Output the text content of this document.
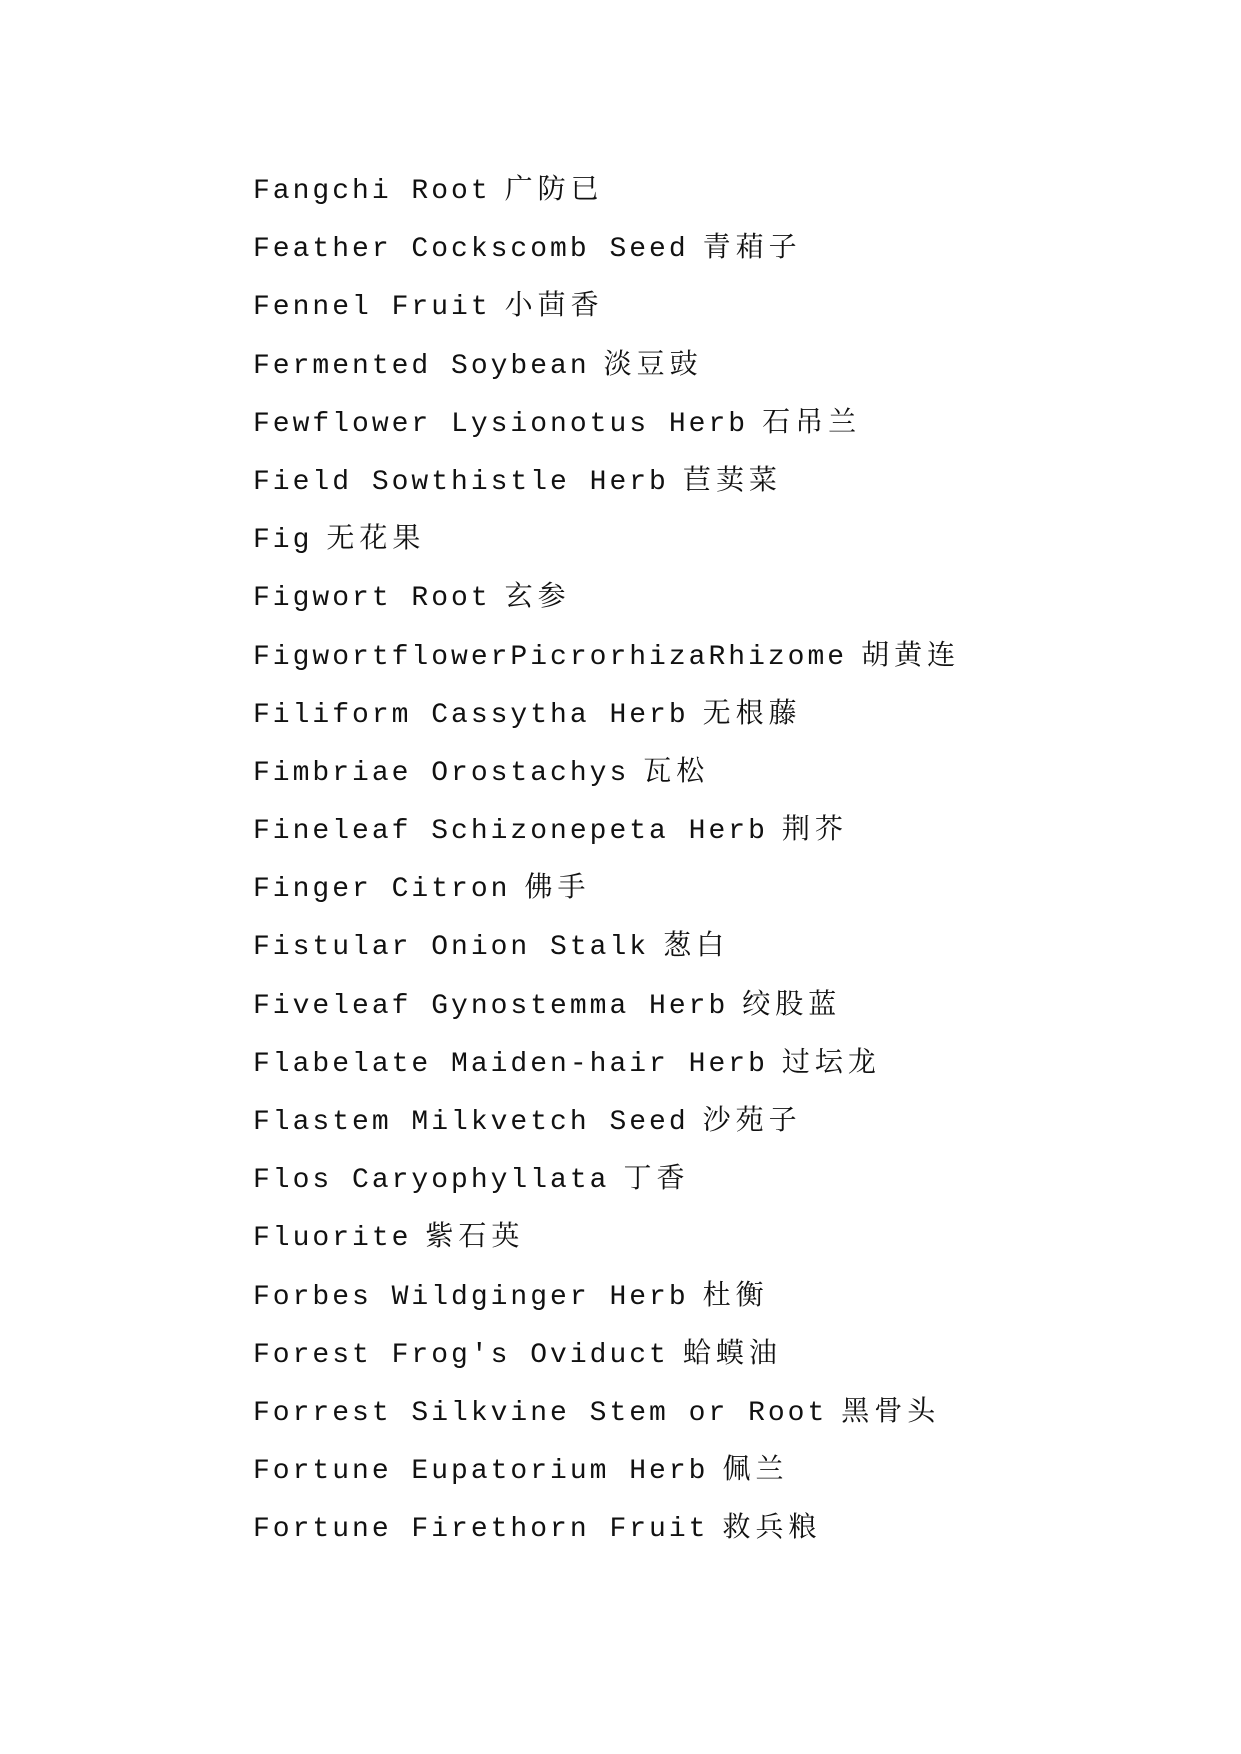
Fangchi Root 广防已
Feather Cockscomb Seed 青葙子
Fennel Fruit 小茴香
Fermented Soybean 淡豆豉
Fewflower Lysionotus Herb 石吊兰
Field Sowthistle Herb 苣荬菜
Fig 无花果
Figwort Root 玄参
FigwortflowerPicrorhizaRhizome 胡黄连
Filiform Cassytha Herb 无根藤
Fimbriae Orostachys 瓦松
Fineleaf Schizonepeta Herb 荆芥
Finger Citron 佛手
Fistular Onion Stalk 葱白
Fiveleaf Gynostemma Herb 绞股蓝
Flabelate Maiden-hair Herb 过坛龙
Flastem Milkvetch Seed 沙苑子
Flos Caryophyllata 丁香
Fluorite 紫石英
Forbes Wildginger Herb 杜衡
Forest Frog's Oviduct 蛤蟆油
Forrest Silkvine Stem or Root 黑骨头
Fortune Eupatorium Herb 佩兰
Fortune Firethorn Fruit 救兵粮
